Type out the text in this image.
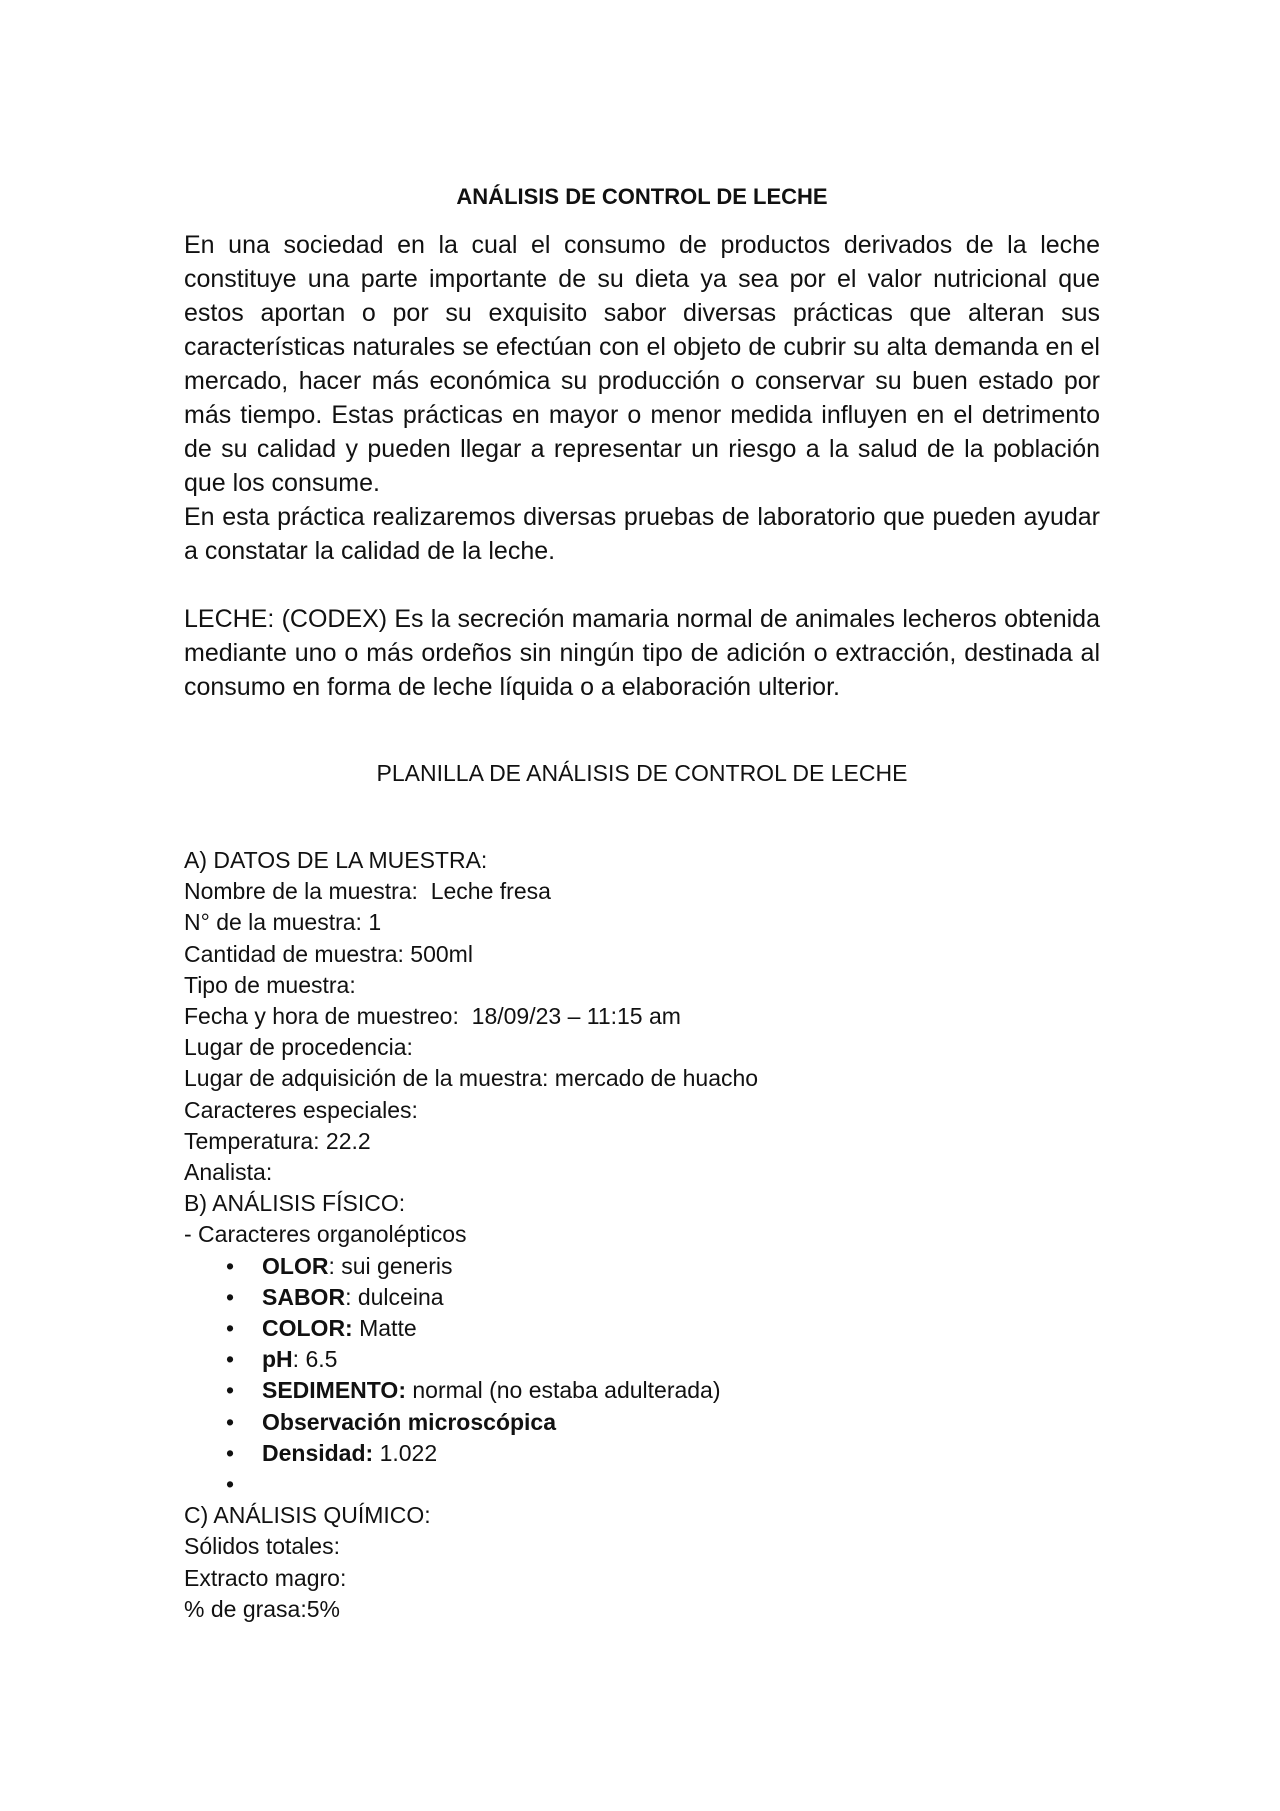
ANÁLISIS DE CONTROL DE LECHE

En una sociedad en la cual el consumo de productos derivados de la leche constituye una parte importante de su dieta ya sea por el valor nutricional que estos aportan o por su exquisito sabor diversas prácticas que alteran sus características naturales se efectúan con el objeto de cubrir su alta demanda en el mercado, hacer más económica su producción o conservar su buen estado por más tiempo. Estas prácticas en mayor o menor medida influyen en el detrimento de su calidad y pueden llegar a representar un riesgo a la salud de la población que los consume.

En esta práctica realizaremos diversas pruebas de laboratorio que pueden ayudar a constatar la calidad de la leche.

LECHE: (CODEX) Es la secreción mamaria normal de animales lecheros obtenida mediante uno o más ordeños sin ningún tipo de adición o extracción, destinada al consumo en forma de leche líquida o a elaboración ulterior.

PLANILLA DE ANÁLISIS DE CONTROL DE LECHE

A) DATOS DE LA MUESTRA:

Nombre de la muestra:  Leche fresa

N° de la muestra: 1

Cantidad de muestra: 500ml

Tipo de muestra:

Fecha y hora de muestreo:  18/09/23 – 11:15 am

Lugar de procedencia:

Lugar de adquisición de la muestra: mercado de huacho

Caracteres especiales:

Temperatura: 22.2

Analista:

B) ANÁLISIS FÍSICO:

- Caracteres organolépticos

• OLOR: sui generis
• SABOR: dulceina
• COLOR: Matte
• pH: 6.5
• SEDIMENTO: normal (no estaba adulterada)
• Observación microscópica
• Densidad: 1.022
•

C) ANÁLISIS QUÍMICO:

Sólidos totales:

Extracto magro:

% de grasa:5%
